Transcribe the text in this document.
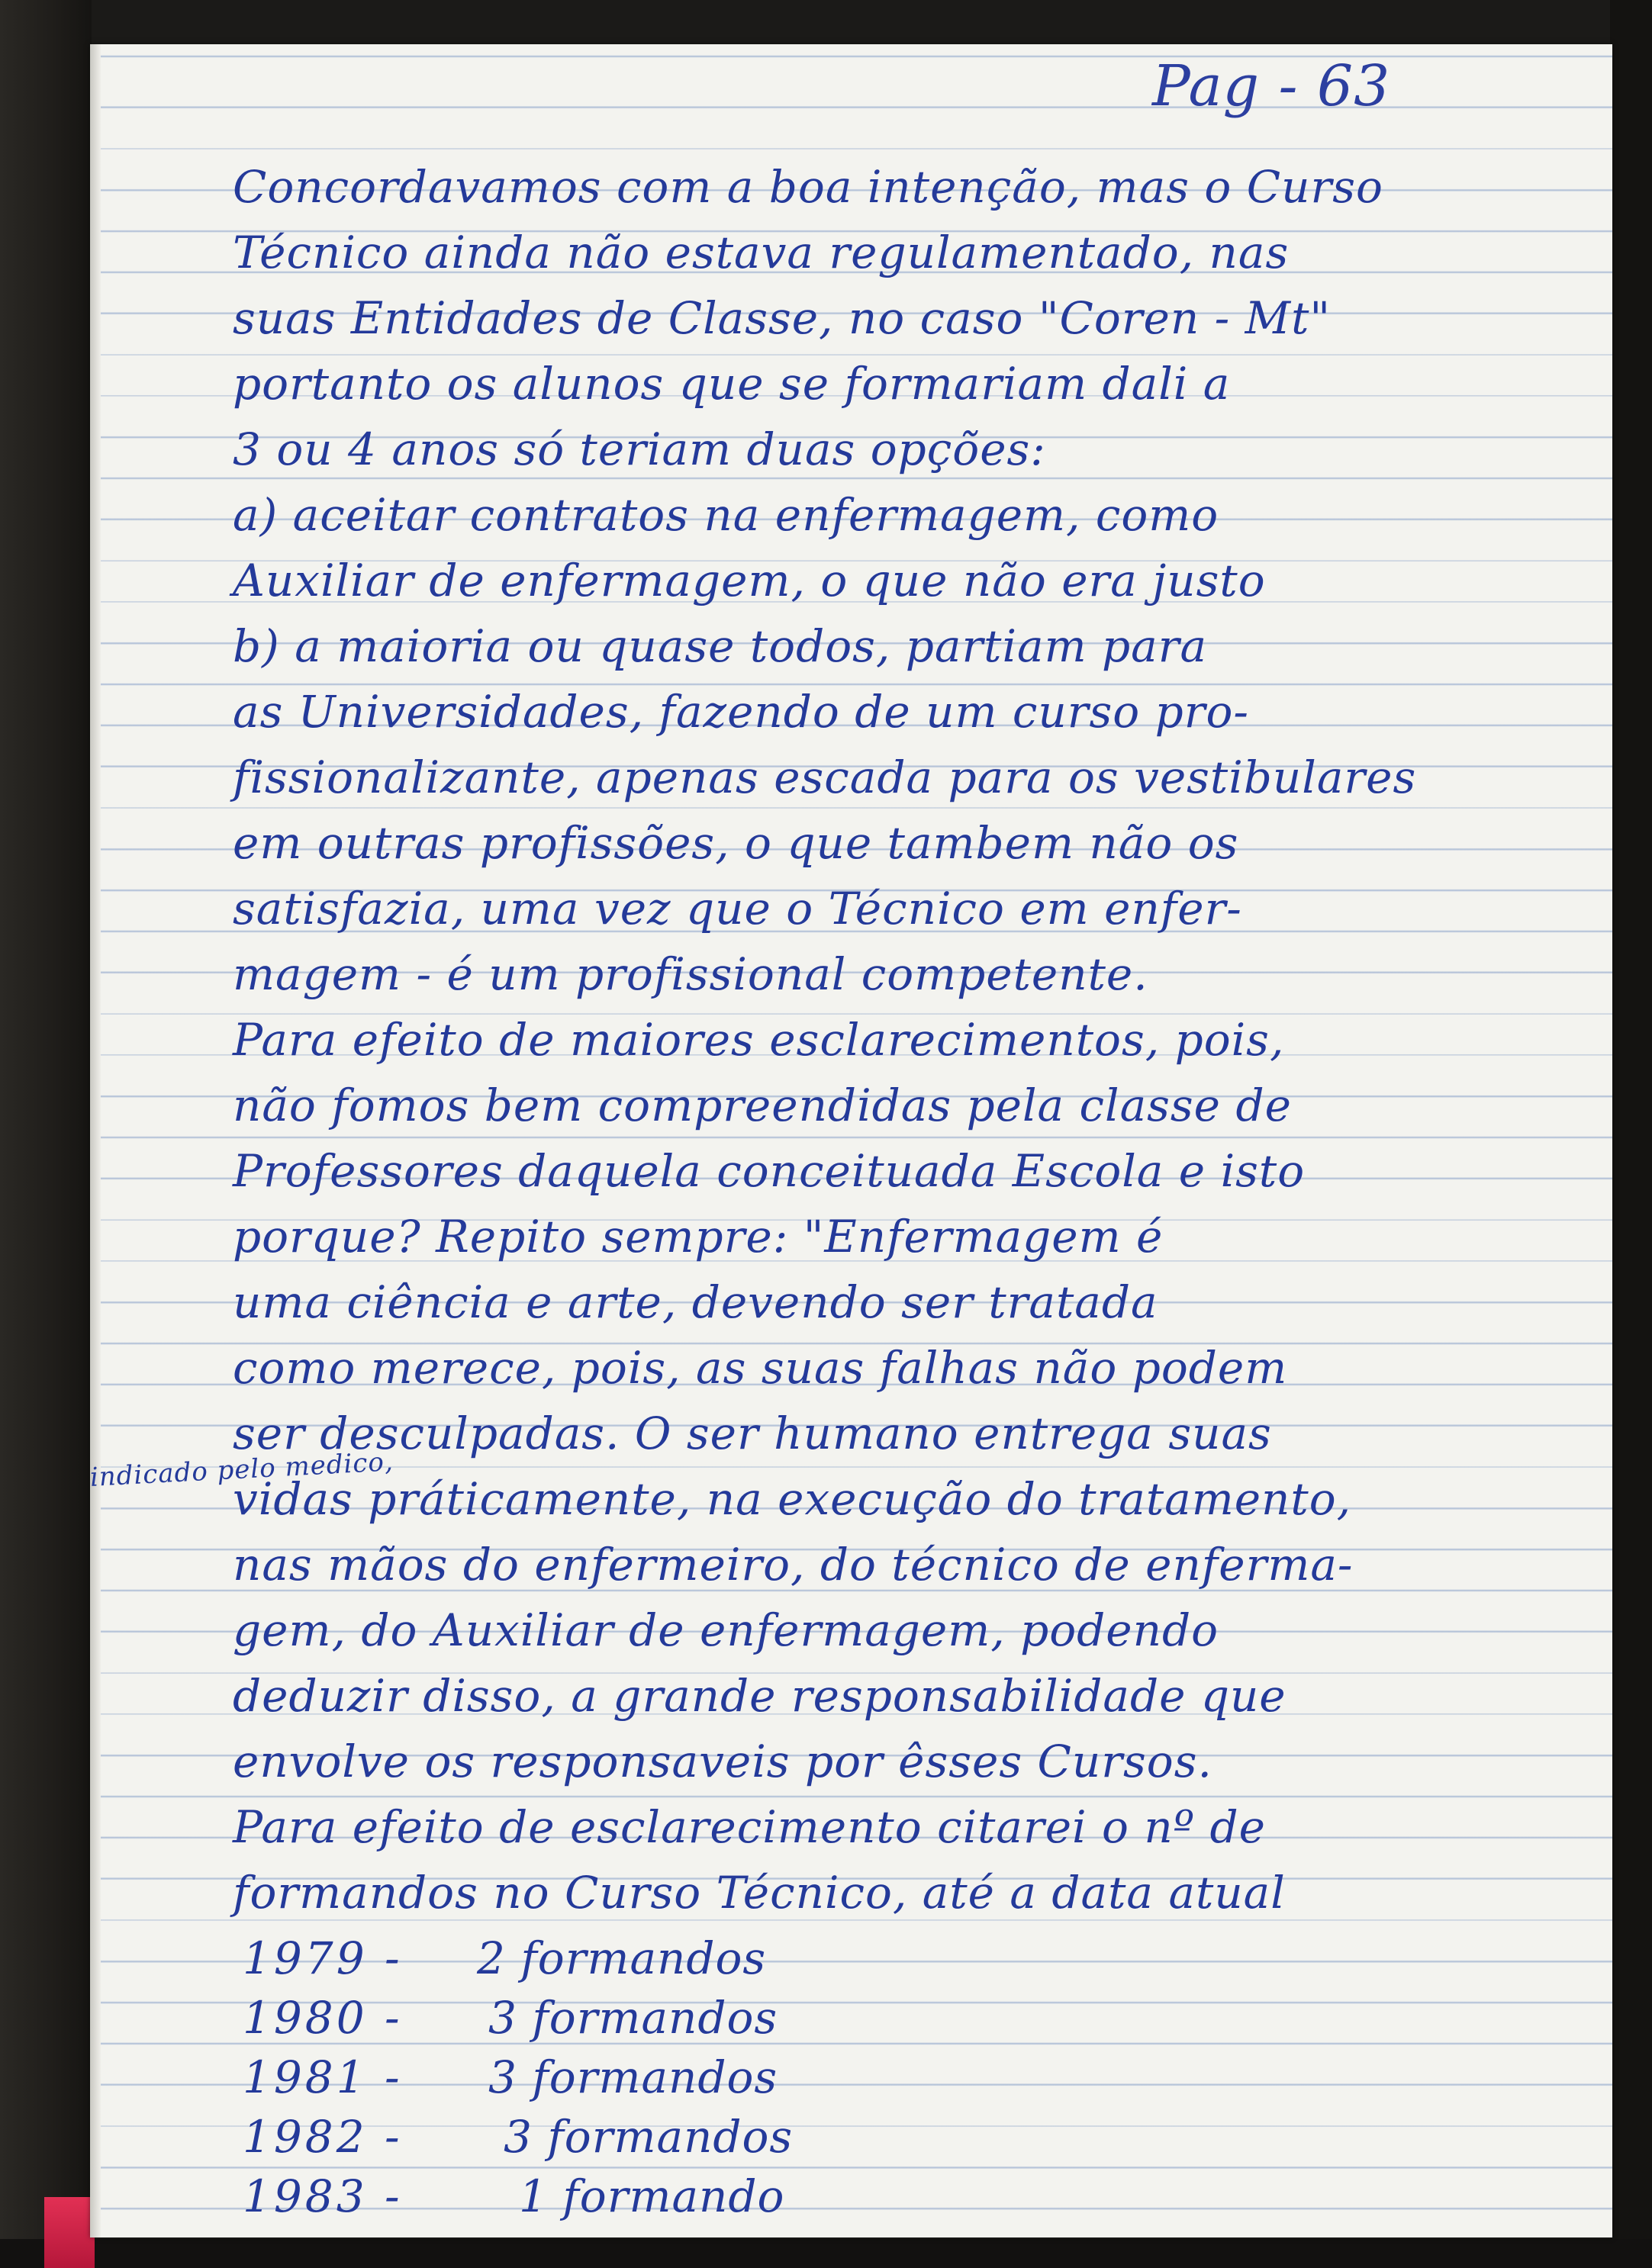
Pag - 63
Concordavamos com a boa intenção, mas o Curso
Técnico ainda não estava regulamentado, nas
suas Entidades de Classe, no caso "Coren - Mt"
portanto os alunos que se formariam dali a
3 ou 4 anos só teriam duas opções:
a) aceitar contratos na enfermagem, como
Auxiliar de enfermagem, o que não era justo
b) a maioria ou quase todos, partiam para
as Universidades, fazendo de um curso pro-
fissionalizante, apenas escada para os vestibulares
em outras profissões, o que tambem não os
satisfazia, uma vez que o Técnico em enfer-
magem - é um profissional competente.
Para efeito de maiores esclarecimentos, pois,
não fomos bem compreendidas pela classe de
Professores daquela conceituada Escola e isto
porque? Repito sempre: "Enfermagem é
uma ciência e arte, devendo ser tratada
como merece, pois, as suas falhas não podem
ser desculpadas. O ser humano entrega suas
vidas práticamente, na execução do tratamento,
indicado pelo medico,
nas mãos do enfermeiro, do técnico de enferma-
gem, do Auxiliar de enfermagem, podendo
deduzir disso, a grande responsabilidade que
envolve os responsaveis por êsses Cursos.
Para efeito de esclarecimento citarei o nº de
formandos no Curso Técnico, até a data atual
1979 - 2 formandos
1980 - 3 formandos
1981 - 3 formandos
1982 - 3 formandos
1983 -	1 formando
